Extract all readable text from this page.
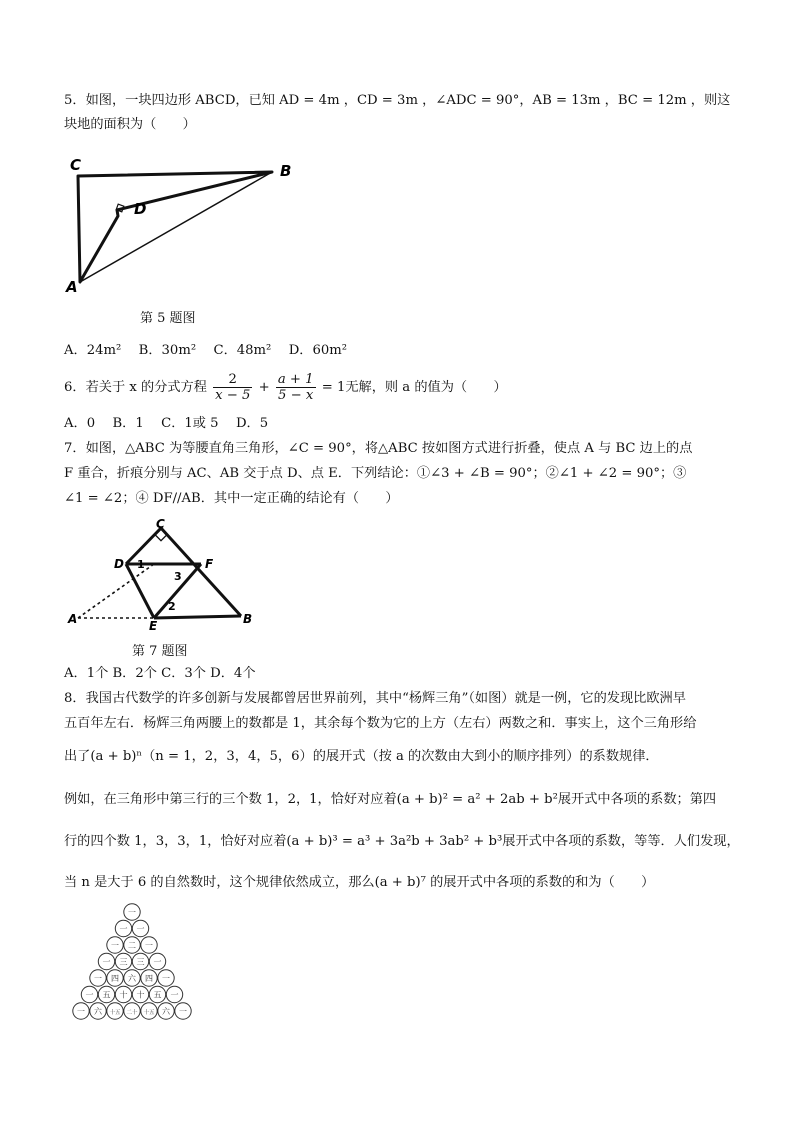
5．如图，一块四边形 ABCD，已知 AD = 4m ，CD = 3m ，∠ADC = 90°，AB = 13m ，BC = 12m ，则这
块地的面积为（　　）
C	B
D
A
第 5 题图
A．24m²　 B．30m²　 C．48m²　 D．60m²
6．若关于 x 的分式方程 $\frac{2}{x - 5} + \frac{a + 1}{5 - x} = 1$无解，则 a 的值为（　　）
A．0　 B．1　 C．1或 5　 D．5
7．如图，△ABC 为等腰直角三角形，∠C = 90°，将△ABC 按如图方式进行折叠，使点 A 与 BC 边上的点
F 重合，折痕分别与 AC、AB 交于点 D、点 E．下列结论：①∠3 + ∠B = 90°；②∠1 + ∠2 = 90°；③
∠1 = ∠2；④ DF//AB．其中一定正确的结论有（　　）
C
D 1	F
3
2
A	E	B
第 7 题图
A．1个 B．2个 C．3个 D．4个
8．我国古代数学的许多创新与发展都曾居世界前列，其中“杨辉三角”（如图）就是一例，它的发现比欧洲早
五百年左右．杨辉三角两腰上的数都是 1，其余每个数为它的上方（左右）两数之和．事实上，这个三角形给
出了(a + b)ⁿ（n = 1，2，3，4，5，6）的展开式（按 a 的次数由大到小的顺序排列）的系数规律．
例如，在三角形中第三行的三个数 1，2，1，恰好对应着(a + b)² = a² + 2ab + b²展开式中各项的系数；第四
行的四个数 1，3，3，1，恰好对应着(a + b)³ = a³ + 3a²b + 3ab² + b³展开式中各项的系数，等等．人们发现，
当 n 是大于 6 的自然数时，这个规律依然成立，那么(a + b)⁷ 的展开式中各项的系数的和为（　　）
一
一 一
一 二 一
一 三 三 一
一 四 六 四 一
一 五 十 十 五 一
一 六 十五 二十 十五 六 一
